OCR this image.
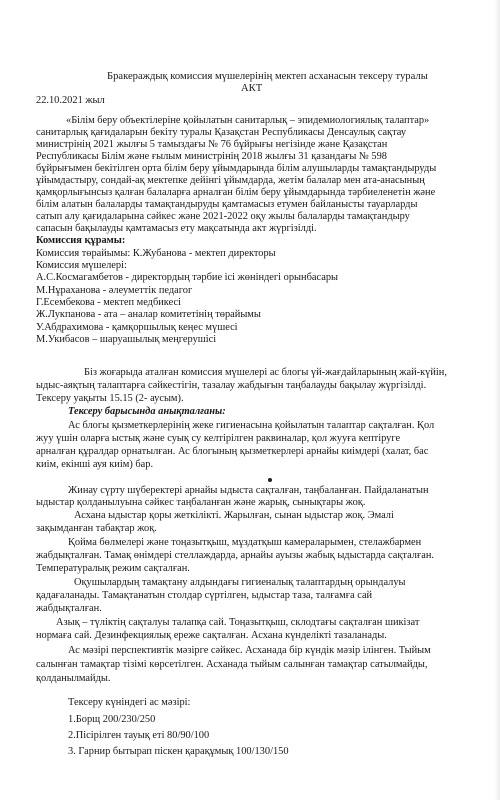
Бракераждық комиссия мүшелерінің мектеп асханасын тексеру туралы
АКТ
22.10.2021 жыл
«Білім беру объектілеріне қойылатын санитарлық – эпидемиологиялық талаптар»
санитарлық қағидаларын бекіту туралы Қазақстан Республикасы Денсаулық сақтау
министрінің 2021 жылғы 5 тамыздағы № 76 бұйрығы негізінде және Қазақстан
Республикасы Білім және ғылым министрінің 2018 жылғы 31 қазандағы № 598
бұйрығымен бекітілген орта білім беру ұйымдарында білім алушыларды тамақтандыруды
ұйымдастыру, сондай-ақ мектепке дейінгі ұйымдарда, жетім балалар мен ата-анасының
қамқорлығынсыз қалған балаларға арналған білім беру ұйымдарында тәрбиеленетін және
білім алатын балаларды тамақтандыруды қамтамасыз етумен байланысты тауарларды
сатып алу қағидаларына сәйкес және 2021-2022 оқу жылы балаларды тамақтандыру
сапасын бақылауды қамтамасыз ету мақсатында акт жүргізілді.
Комиссия құрамы:
Комиссия төрайымы: К.Жубанова - мектеп директоры
Комиссия мүшелері:
А.С.Космагамбетов - директордың тәрбие ісі жөніндегі орынбасары
М.Нұраханова - әлеуметтік педагог
Г.Есембекова - мектеп медбикесі
Ж.Лукпанова - ата – аналар комитетінің төрайымы
У.Абдрахимова - қамқоршылық кеңес мүшесі
М.Укибасов – шаруашылық меңгерушісі
Біз жоғарыда аталған комиссия мүшелері ас блогы үй-жағдайларының жай-күйін,
ыдыс-аяқтың талаптарға сәйкестігін, тазалау жабдығын таңбалауды бақылау жүргізілді.
Тексеру уақыты 15.15 (2- аусым).
Тексеру барысында анықталғаны:
Ас блогы қызметкерлерінің жеке гигиенасына қойылатын талаптар сақталған. Қол
жуу үшін оларға ыстық және суық су келтірілген раквиналар, қол жууға кептіруге
арналған құралдар орнатылған. Ас блогының қызметкерлері арнайы киімдері (халат, бас
киім, екінші ауя киім) бар.
Жинау сүрту шүберектері арнайы ыдыста сақталған, таңбаланған. Пайдаланатын
ыдыстар қолданылуына сәйкес таңбаланған және жарық, сынықтары жоқ.
Асхана ыдыстар қоры жеткілікті. Жарылған, сынан ыдыстар жоқ. Эмалі
зақымданған табақтар жоқ.
Қойма бөлмелері және тоңазытқыш, мұздатқыш камераларымен, стелажбармен
жабдықталған. Тамақ өнімдері стеллаждарда, арнайы ауызы жабық ыдыстарда сақталған.
Температуралық режим сақталған.
Оқушылардың тамақтану алдындағы гигиеналық талаптардың орындалуы
қадағаланады. Тамақтанатын столдар сүртілген, ыдыстар таза, талғамға сай
жабдықталған.
Азық – түліктің сақталуы талапқа сай. Тоңазытқыш, склодтағы сақталған шикізат
нормаға сай. Дезинфекциялық ереже сақталған. Асхана күнделікті тазаланады.
Ас мәзірі перспективтік мәзірге сәйкес. Асханада бір күндік мәзір ілінген. Тыйым
салынған тамақтар тізімі көрсетілген. Асханада тыйым салынған тамақтар сатылмайды,
қолданылмайды.
Тексеру күніндегі ас мәзірі:
1.Борщ 200/230/250
2.Пісірілген тауық еті 80/90/100
3. Гарнир бытырап піскен қарақұмық 100/130/150
